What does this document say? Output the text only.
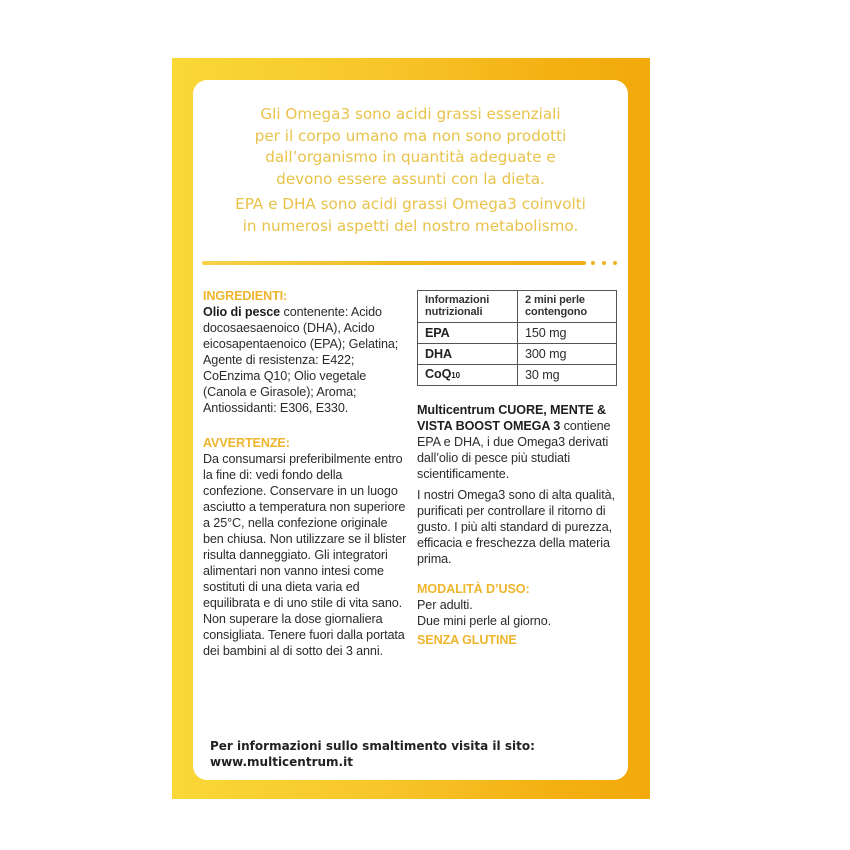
Gli Omega3 sono acidi grassi essenziali
per il corpo umano ma non sono prodotti
dall’organismo in quantità adeguate e
devono essere assunti con la dieta.

EPA e DHA sono acidi grassi Omega3 coinvolti
in numerosi aspetti del nostro metabolismo.

INGREDIENTI:
Olio di pesce contenente: Acido docosaesaenoico (DHA), Acido eicosapentaenoico (EPA); Gelatina; Agente di resistenza: E422; CoEnzima Q10; Olio vegetale (Canola e Girasole); Aroma; Antiossidanti: E306, E330.
AVVERTENZE:
Da consumarsi preferibilmente entro la fine di: vedi fondo della confezione. Conservare in un luogo asciutto a temperatura non superiore a 25°C, nella confezione originale ben chiusa. Non utilizzare se il blister risulta danneggiato. Gli integratori alimentari non vanno intesi come sostituti di una dieta varia ed equilibrata e di uno stile di vita sano. Non superare la dose giornaliera consigliata. Tenere fuori dalla portata dei bambini al di sotto dei 3 anni.
Informazioni nutrizionali	2 mini perle contengono
EPA	150 mg
DHA	300 mg
CoQ10	30 mg
Multicentrum CUORE, MENTE & VISTA BOOST OMEGA 3 contiene EPA e DHA, i due Omega3 derivati dall’olio di pesce più studiati scientificamente.
I nostri Omega3 sono di alta qualità, purificati per controllare il ritorno di gusto. I più alti standard di purezza, efficacia e freschezza della materia prima.
MODALITÀ D’USO:
Per adulti.
Due mini perle al giorno.
SENZA GLUTINE
Per informazioni sullo smaltimento visita il sito:
www.multicentrum.it
